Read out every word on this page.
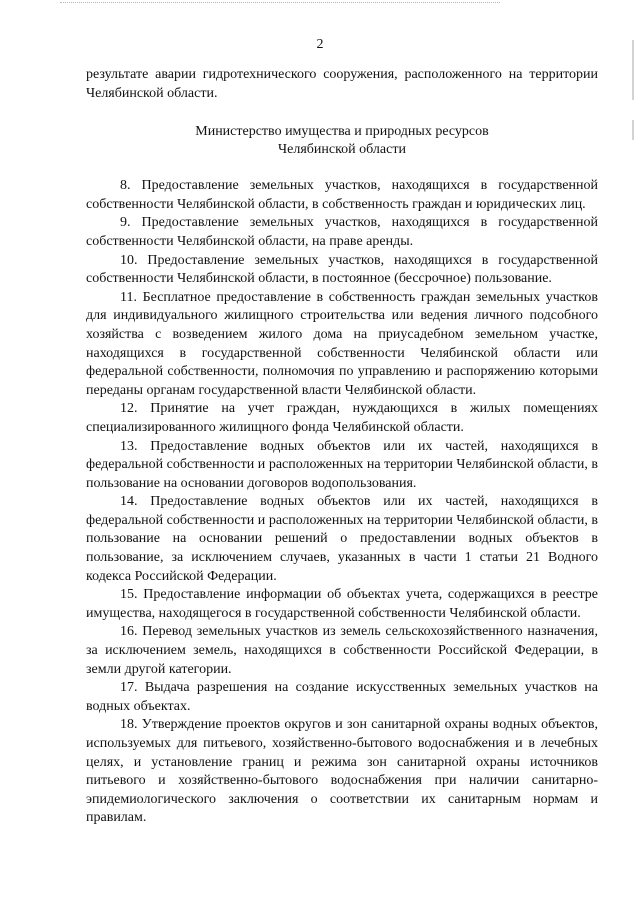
2

результате аварии гидротехнического сооружения, расположенного на территории Челябинской области.

Министерство имущества и природных ресурсов
Челябинской области

8. Предоставление земельных участков, находящихся в государственной собственности Челябинской области, в собственность граждан и юридических лиц.

9. Предоставление земельных участков, находящихся в государственной собственности Челябинской области, на праве аренды.

10. Предоставление земельных участков, находящихся в государственной собственности Челябинской области, в постоянное (бессрочное) пользование.

11. Бесплатное предоставление в собственность граждан земельных участков для индивидуального жилищного строительства или ведения личного подсобного хозяйства с возведением жилого дома на приусадебном земельном участке, находящихся в государственной собственности Челябинской области или федеральной собственности, полномочия по управлению и распоряжению которыми переданы органам государственной власти Челябинской области.

12. Принятие на учет граждан, нуждающихся в жилых помещениях специализированного жилищного фонда Челябинской области.

13. Предоставление водных объектов или их частей, находящихся в федеральной собственности и расположенных на территории Челябинской области, в пользование на основании договоров водопользования.

14. Предоставление водных объектов или их частей, находящихся в федеральной собственности и расположенных на территории Челябинской области, в пользование на основании решений о предоставлении водных объектов в пользование, за исключением случаев, указанных в части 1 статьи 21 Водного кодекса Российской Федерации.

15. Предоставление информации об объектах учета, содержащихся в реестре имущества, находящегося в государственной собственности Челябинской области.

16. Перевод земельных участков из земель сельскохозяйственного назначения, за исключением земель, находящихся в собственности Российской Федерации, в земли другой категории.

17. Выдача разрешения на создание искусственных земельных участков на водных объектах.

18. Утверждение проектов округов и зон санитарной охраны водных объектов, используемых для питьевого, хозяйственно-бытового водоснабжения и в лечебных целях, и установление границ и режима зон санитарной охраны источников питьевого и хозяйственно-бытового водоснабжения при наличии санитарно-эпидемиологического заключения о соответствии их санитарным нормам и правилам.
